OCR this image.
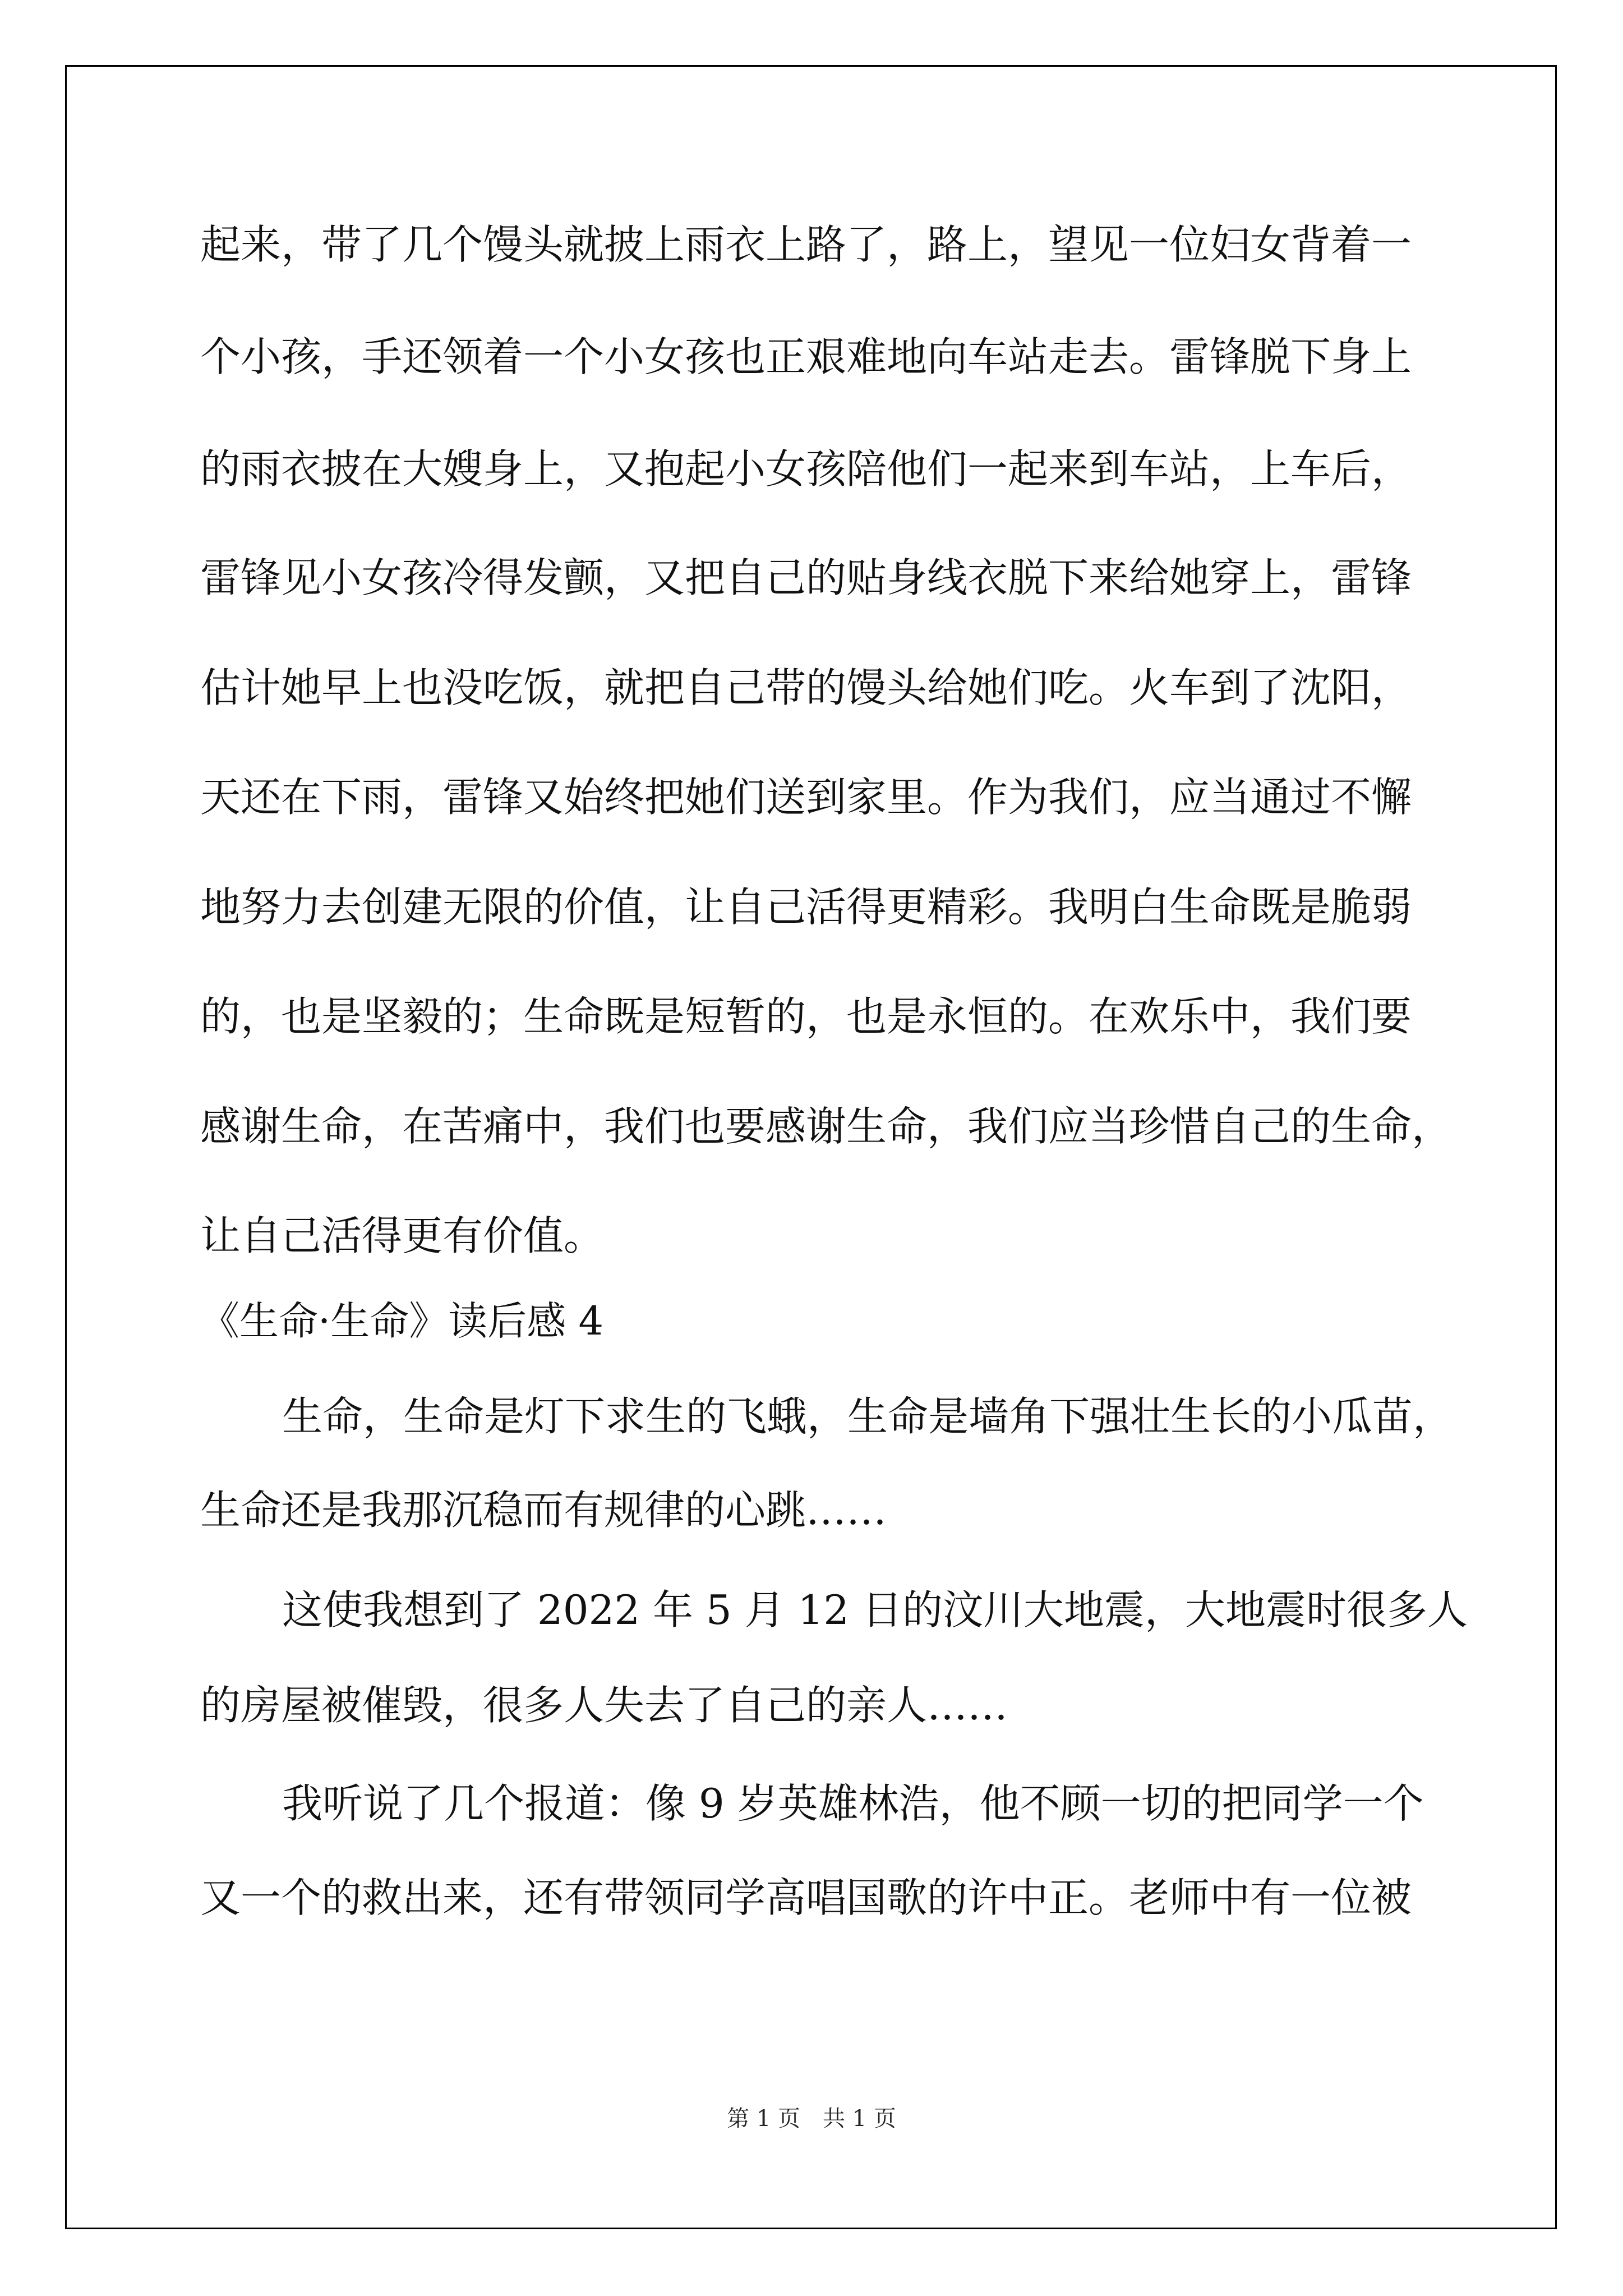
起来，带了几个馒头就披上雨衣上路了，路上，望见一位妇女背着一

个小孩，手还领着一个小女孩也正艰难地向车站走去。雷锋脱下身上

的雨衣披在大嫂身上，又抱起小女孩陪他们一起来到车站，上车后，

雷锋见小女孩冷得发颤，又把自己的贴身线衣脱下来给她穿上，雷锋

估计她早上也没吃饭，就把自己带的馒头给她们吃。火车到了沈阳，

天还在下雨，雷锋又始终把她们送到家里。作为我们，应当通过不懈

地努力去创建无限的价值，让自己活得更精彩。我明白生命既是脆弱

的，也是坚毅的；生命既是短暂的，也是永恒的。在欢乐中，我们要

感谢生命，在苦痛中，我们也要感谢生命，我们应当珍惜自己的生命，

让自己活得更有价值。

《生命·生命》读后感 4

生命，生命是灯下求生的飞蛾，生命是墙角下强壮生长的小瓜苗，

生命还是我那沉稳而有规律的心跳……

这使我想到了 2022 年 5 月 12 日的汶川大地震，大地震时很多人

的房屋被催毁，很多人失去了自己的亲人……

我听说了几个报道：像 9 岁英雄林浩，他不顾一切的把同学一个

又一个的救出来，还有带领同学高唱国歌的许中正。老师中有一位被

第 1 页　共 1 页
